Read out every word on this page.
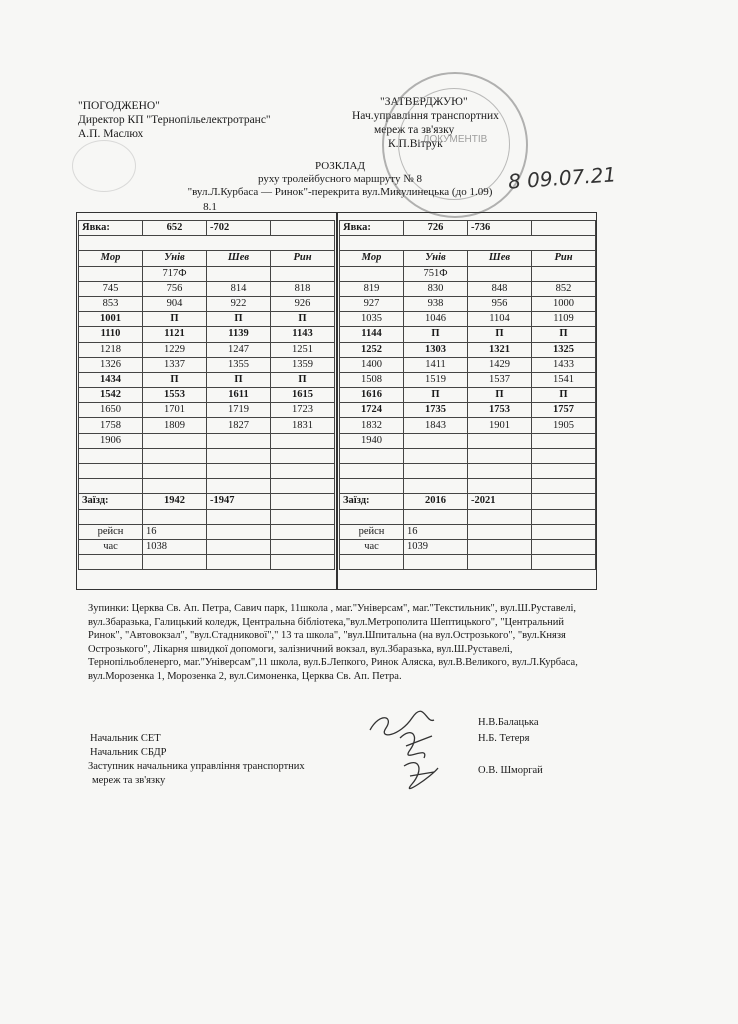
"ПОГОДЖЕНО"
Директор КП "Тернопільелектротранс"
А.П. Маслюх
"ЗАТВЕРДЖУЮ"
Нач.управління транспортних
мереж та зв'язку
К.П.Вітрук
ДОКУМЕНТІВ
8 09.07.21
РОЗКЛАД
руху тролейбусного маршруту № 8
"вул.Л.Курбаса — Ринок"-перекрита вул.Микулинецька (до 1.09)
8.1
Явка:	652	-702	

Мор	Унів	Шев	Рин
	717Ф		
745	756	814	818
853	904	922	926
1001	П	П	П
1110	1121	1139	1143
1218	1229	1247	1251
1326	1337	1355	1359
1434	П	П	П
1542	1553	1611	1615
1650	1701	1719	1723
1758	1809	1827	1831
1906			

Заїзд:	1942	-1947	

рейсн	16		
час	1038		

Явка:	726	-736	

Мор	Унів	Шев	Рин
	751Ф		
819	830	848	852
927	938	956	1000
1035	1046	1104	1109
1144	П	П	П
1252	1303	1321	1325
1400	1411	1429	1433
1508	1519	1537	1541
1616	П	П	П
1724	1735	1753	1757
1832	1843	1901	1905
1940			

Заїзд:	2016	-2021	

рейсн	16		
час	1039		

Зупинки: Церква Св. Ап. Петра, Савич парк, 11школа , маг."Універсам", маг."Текстильник", вул.Ш.Руставелі, вул.Збаразька, Галицький коледж, Центральна бібліотека,"вул.Метрополита Шептицького", "Центральний Ринок", "Автовокзал", "вул.Стадникової"," 13 та школа", "вул.Шпитальна (на вул.Острозького", "вул.Князя Острозького", Лікарня швидкої допомоги, залізничний вокзал, вул.Збаразька, вул.Ш.Руставелі, Тернопільобленерго, маг."Універсам",11 школа, вул.Б.Лепкого, Ринок Аляска, вул.В.Великого, вул.Л.Курбаса, вул.Морозенка 1, Морозенка 2, вул.Симоненка, Церква Св. Ап. Петра.
Начальник СЕТ
Начальник СБДР
Заступник начальника управління транспортних
мереж та зв'язку
Н.В.Балацька
Н.Б. Тетеря
О.В. Шморгай
